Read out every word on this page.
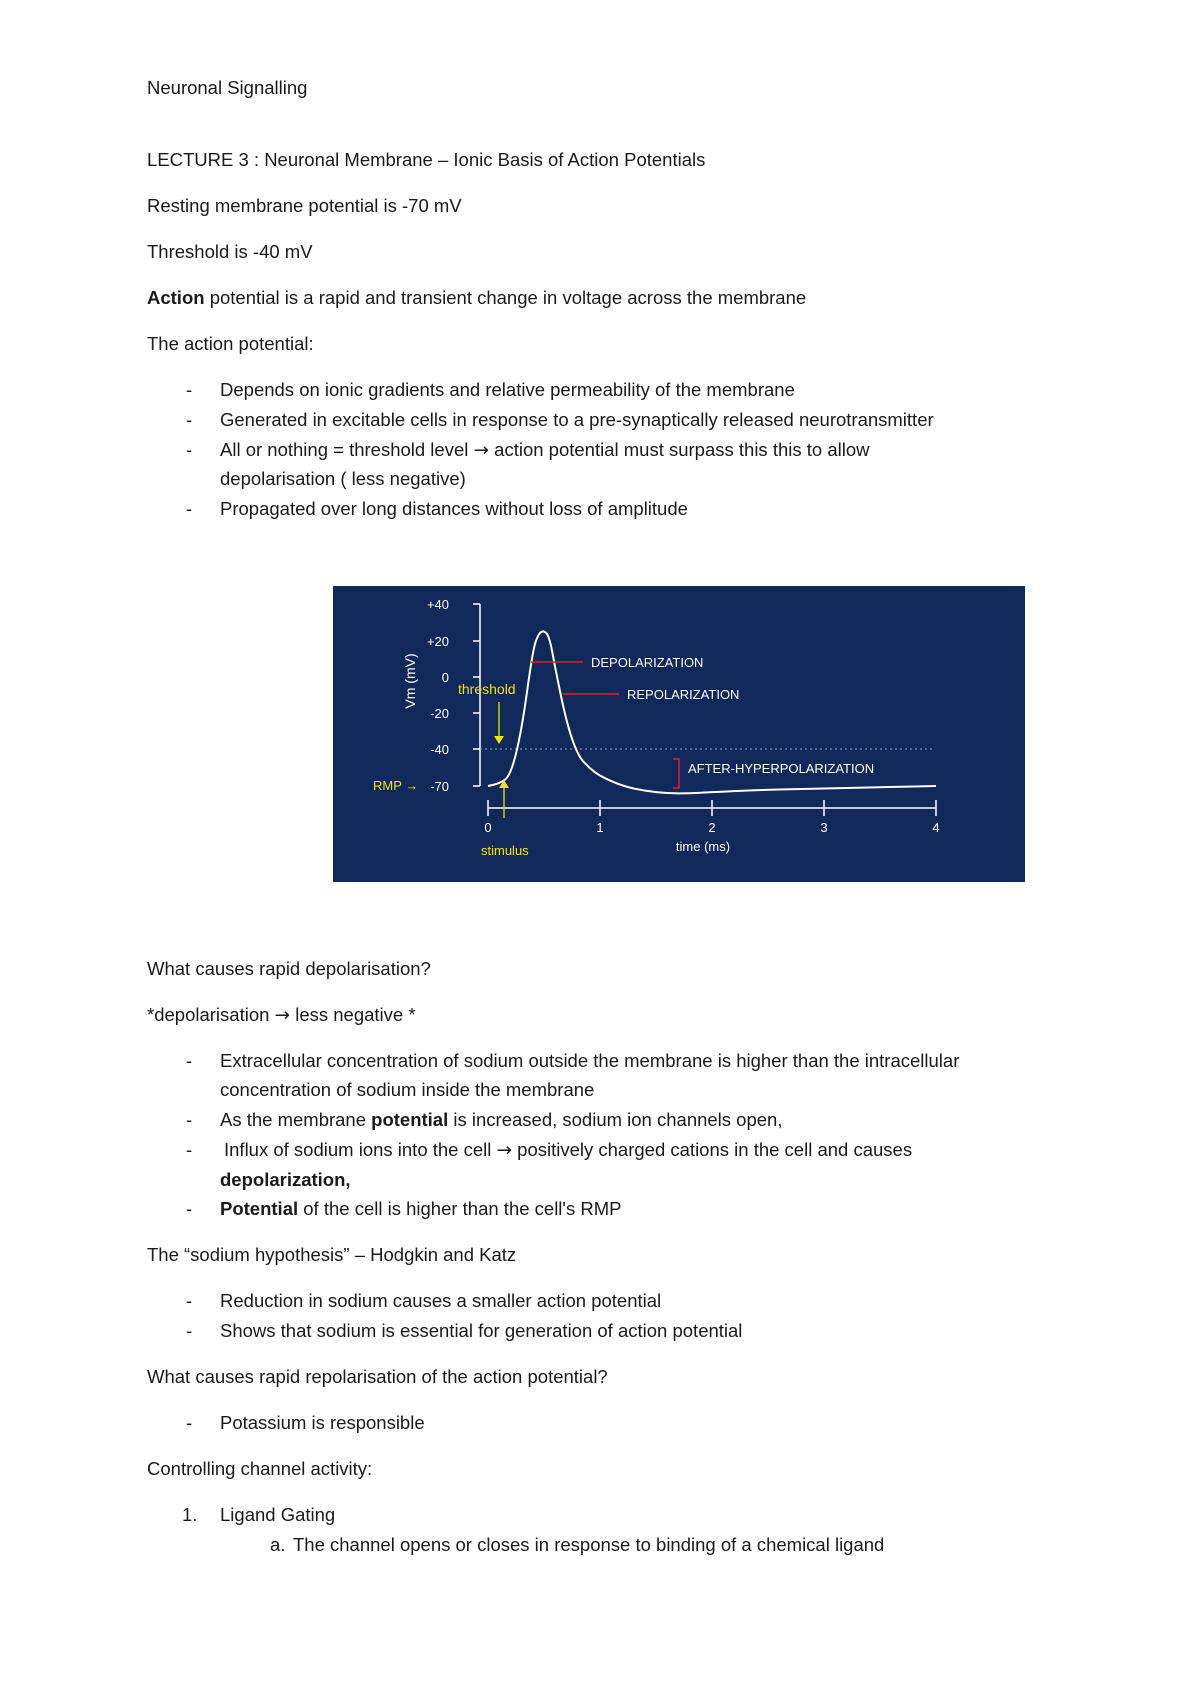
Neuronal Signalling
LECTURE 3 : Neuronal Membrane – Ionic Basis of Action Potentials
Resting membrane potential is -70 mV
Threshold is -40 mV
Action potential is a rapid and transient change in voltage across the membrane
The action potential:
-	Depends on ionic gradients and relative permeability of the membrane
-	Generated in excitable cells in response to a pre-synaptically released neurotransmitter
-	All or nothing = threshold level → action potential must surpass this this to allow
depolarisation ( less negative)
-	Propagated over long distances without loss of amplitude
+40
+20
0
-20
-40
-70
0	1	2	3	4
Vm (mV)
time (ms)
threshold
RMP →
stimulus
DEPOLARIZATION
REPOLARIZATION
AFTER-HYPERPOLARIZATION
What causes rapid depolarisation?
*depolarisation → less negative *
-	Extracellular concentration of sodium outside the membrane is higher than the intracellular
concentration of sodium inside the membrane
-	As the membrane potential is increased, sodium ion channels open,
-	Influx of sodium ions into the cell → positively charged cations in the cell and causes
depolarization,
-	Potential of the cell is higher than the cell's RMP
The “sodium hypothesis” – Hodgkin and Katz
-	Reduction in sodium causes a smaller action potential
-	Shows that sodium is essential for generation of action potential
What causes rapid repolarisation of the action potential?
-	Potassium is responsible
Controlling channel activity:
1.	Ligand Gating
a. The channel opens or closes in response to binding of a chemical ligand
